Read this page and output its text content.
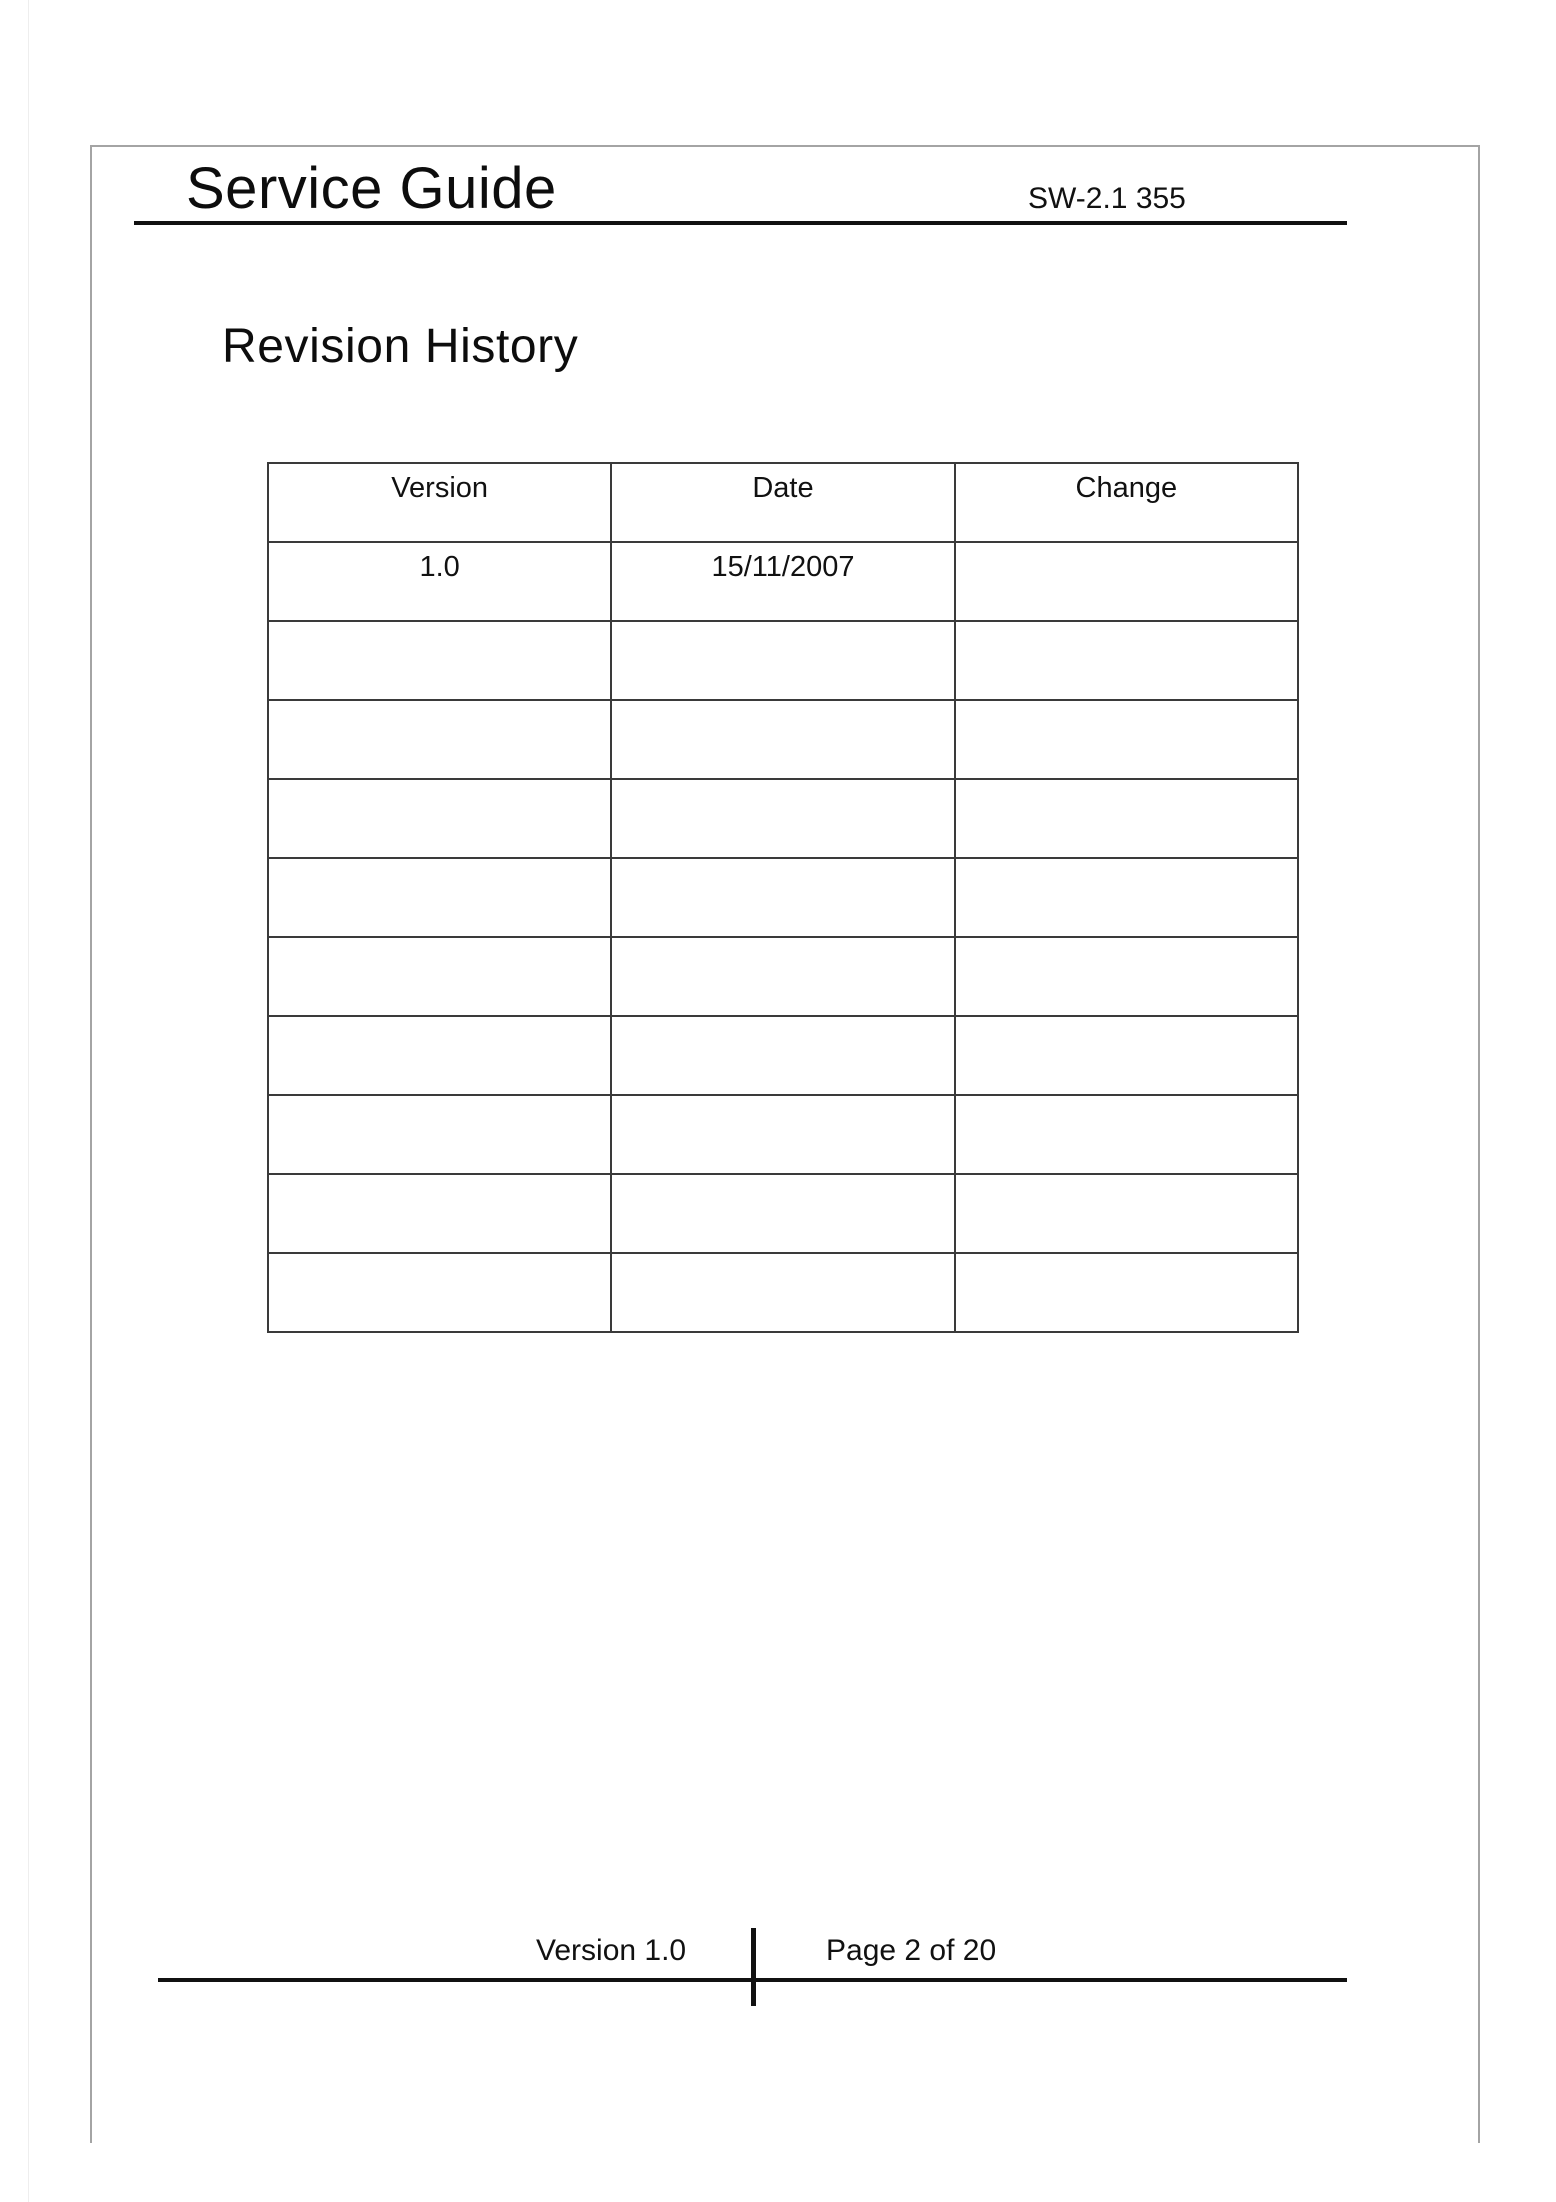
Service Guide	SW-2.1 355
Revision History
Version	Date	Change
1.0	15/11/2007
Version 1.0	Page 2 of 20
